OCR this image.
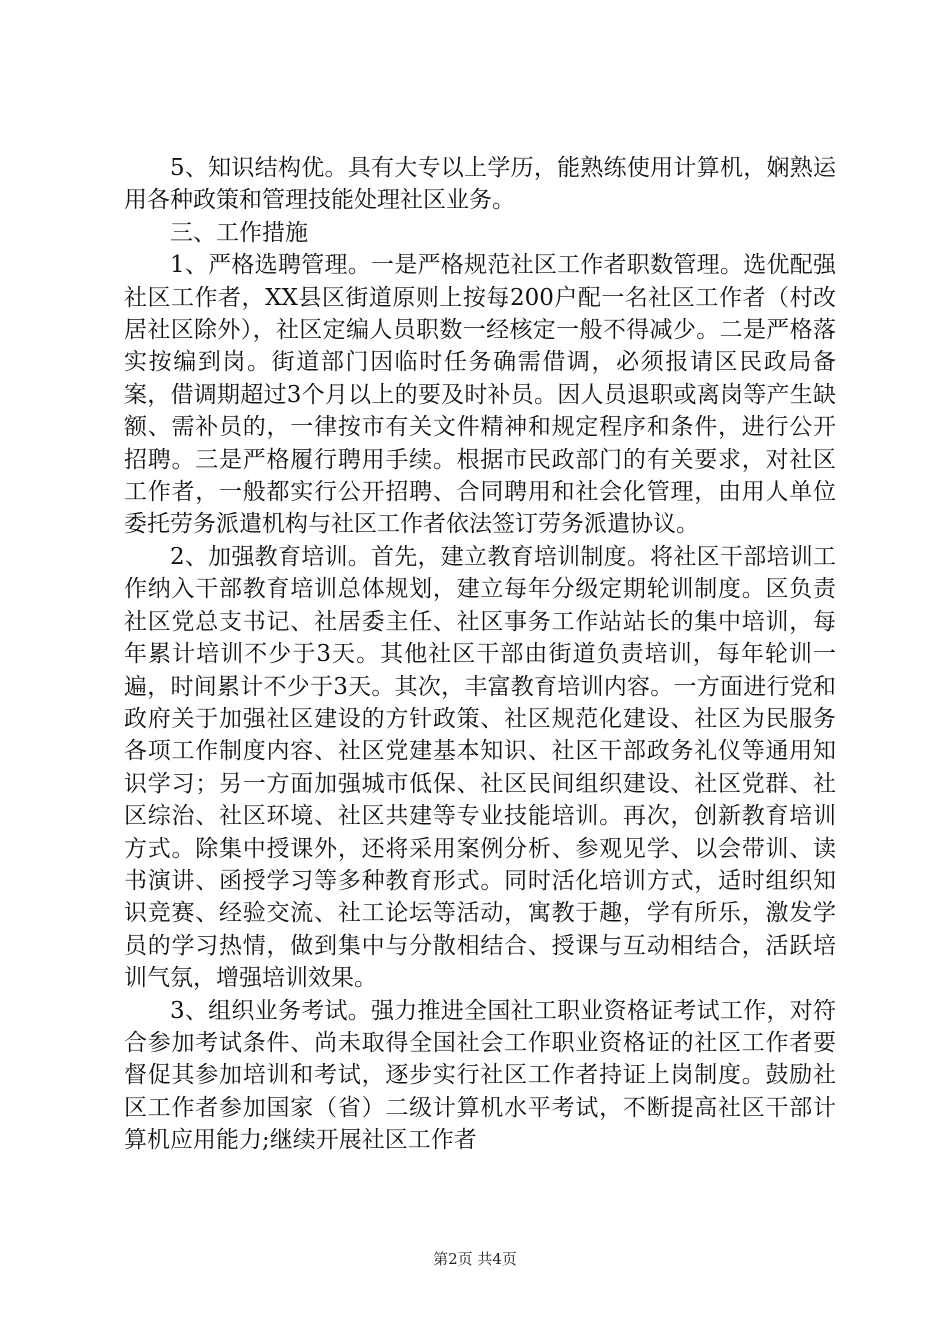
5、知识结构优。具有大专以上学历，能熟练使用计算机，娴熟运用各种政策和管理技能处理社区业务。

三、工作措施

1、严格选聘管理。一是严格规范社区工作者职数管理。选优配强社区工作者，XX县区街道原则上按每200户配一名社区工作者（村改居社区除外），社区定编人员职数一经核定一般不得减少。二是严格落实按编到岗。街道部门因临时任务确需借调，必须报请区民政局备案，借调期超过3个月以上的要及时补员。因人员退职或离岗等产生缺额、需补员的，一律按市有关文件精神和规定程序和条件，进行公开招聘。三是严格履行聘用手续。根据市民政部门的有关要求，对社区工作者，一般都实行公开招聘、合同聘用和社会化管理，由用人单位委托劳务派遣机构与社区工作者依法签订劳务派遣协议。

2、加强教育培训。首先，建立教育培训制度。将社区干部培训工作纳入干部教育培训总体规划，建立每年分级定期轮训制度。区负责社区党总支书记、社居委主任、社区事务工作站站长的集中培训，每年累计培训不少于3天。其他社区干部由街道负责培训，每年轮训一遍，时间累计不少于3天。其次，丰富教育培训内容。一方面进行党和政府关于加强社区建设的方针政策、社区规范化建设、社区为民服务各项工作制度内容、社区党建基本知识、社区干部政务礼仪等通用知识学习；另一方面加强城市低保、社区民间组织建设、社区党群、社区综治、社区环境、社区共建等专业技能培训。再次，创新教育培训方式。除集中授课外，还将采用案例分析、参观见学、以会带训、读书演讲、函授学习等多种教育形式。同时活化培训方式，适时组织知识竞赛、经验交流、社工论坛等活动，寓教于趣，学有所乐，激发学员的学习热情，做到集中与分散相结合、授课与互动相结合，活跃培训气氛，增强培训效果。

3、组织业务考试。强力推进全国社工职业资格证考试工作，对符合参加考试条件、尚未取得全国社会工作职业资格证的社区工作者要督促其参加培训和考试，逐步实行社区工作者持证上岗制度。鼓励社区工作者参加国家（省）二级计算机水平考试，不断提高社区干部计算机应用能力;继续开展社区工作者

第2页 共4页
